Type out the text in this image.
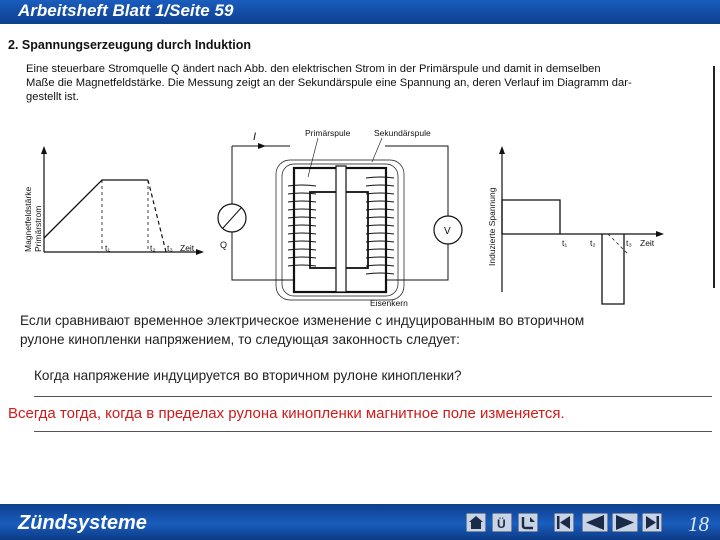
Arbeitsheft Blatt 1/Seite 59
2. Spannungserzeugung durch Induktion
Eine steuerbare Stromquelle Q ändert nach Abb. den elektrischen Strom in der Primärspule und damit in demselben
Maße die Magnetfeldstärke. Die Messung zeigt an der Sekundärspule eine Spannung an, deren Verlauf im Diagramm dar-
gestellt ist.
Magnetfeldstärke Primärstrom	t₁	t₂ t₃ Zeit
I	Primärspule	Sekundärspule
Q
V
Eisenkern
Induzierte Spannung	t₁	t₂	t₃ Zeit
Если сравнивают временное электрическое изменение с индуцированным во вторичном
рулоне кинопленки напряжением, то следующая законность следует:
Когда напряжение индуцируется во вторичном рулоне кинопленки?
Всегда тогда, когда в пределах рулона кинопленки магнитное поле изменяется.
Zündsysteme	Ü	18
